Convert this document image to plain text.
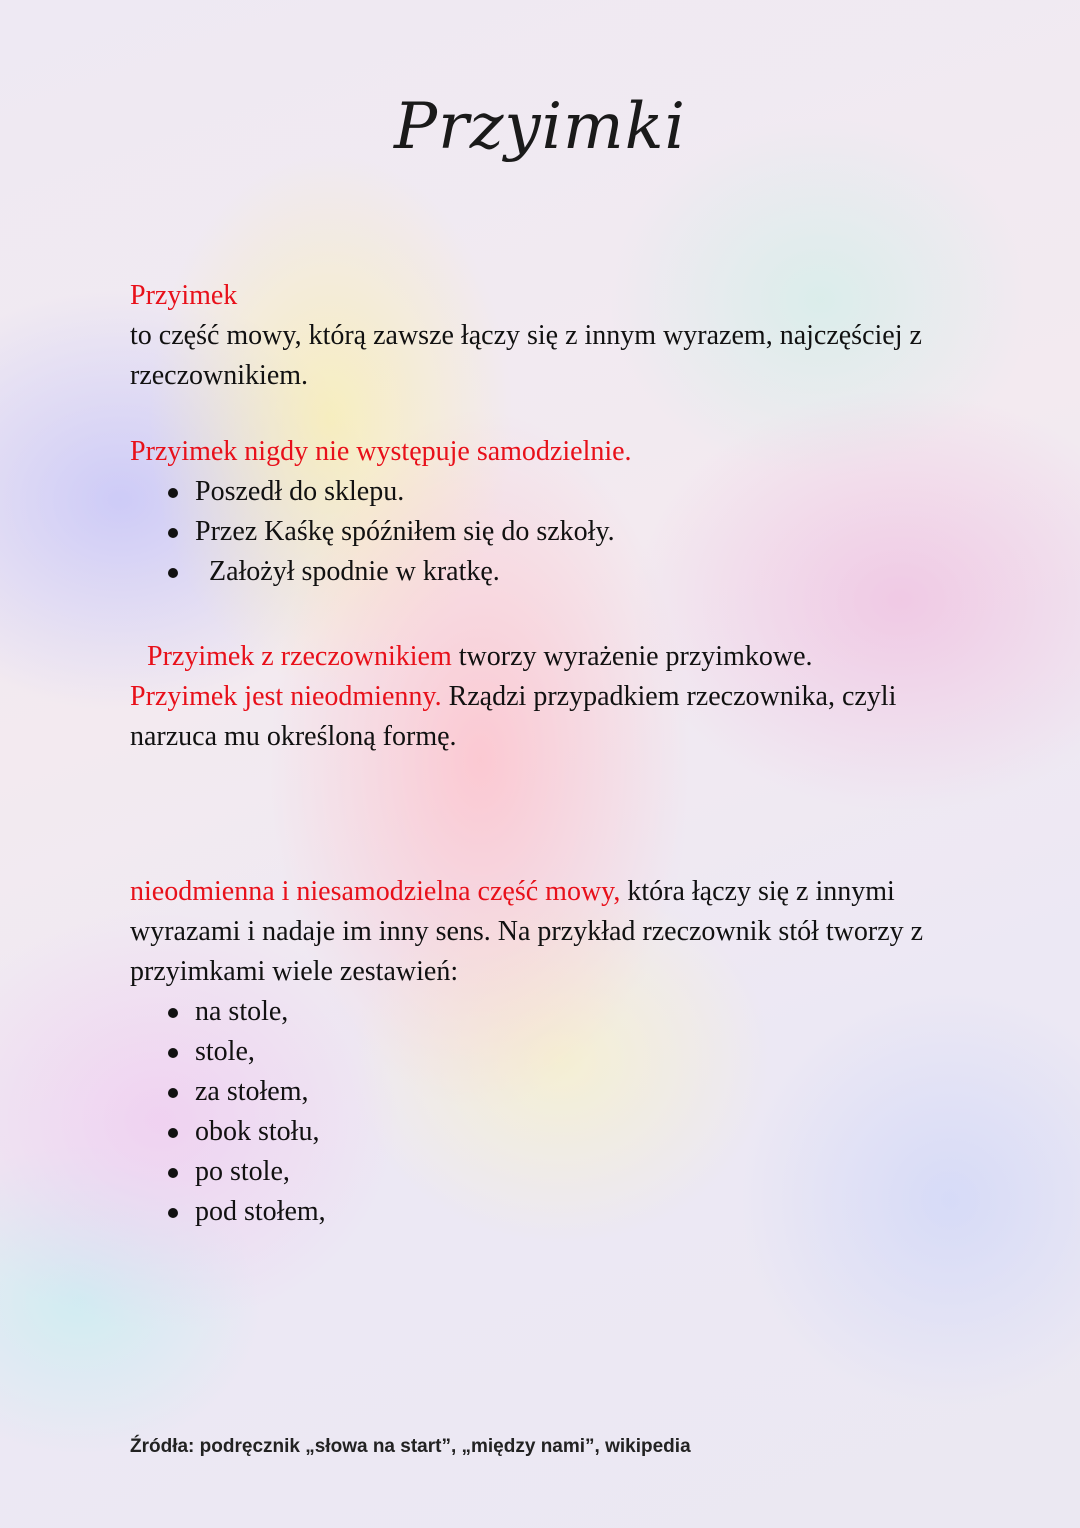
Przyimki

Przyimek

to część mowy, którą zawsze łączy się z innym wyrazem, najczęściej z rzeczownikiem.

Przyimek nigdy nie występuje samodzielnie.

Poszedł do sklepu.
Przez Kaśkę spóźniłem się do szkoły.
Założył spodnie w kratkę.

Przyimek z rzeczownikiem tworzy wyrażenie przyimkowe.  Przyimek jest nieodmienny. Rządzi przypadkiem rzeczownika, czyli narzuca mu określoną formę.

nieodmienna i niesamodzielna część mowy, która łączy się z innymi wyrazami i nadaje im inny sens. Na przykład rzeczownik stół tworzy z przyimkami wiele zestawień:

na stole,
stole,
za stołem,
obok stołu,
po stole,
pod stołem,
Źródła: podręcznik „słowa na start”, „między nami”, wikipedia
